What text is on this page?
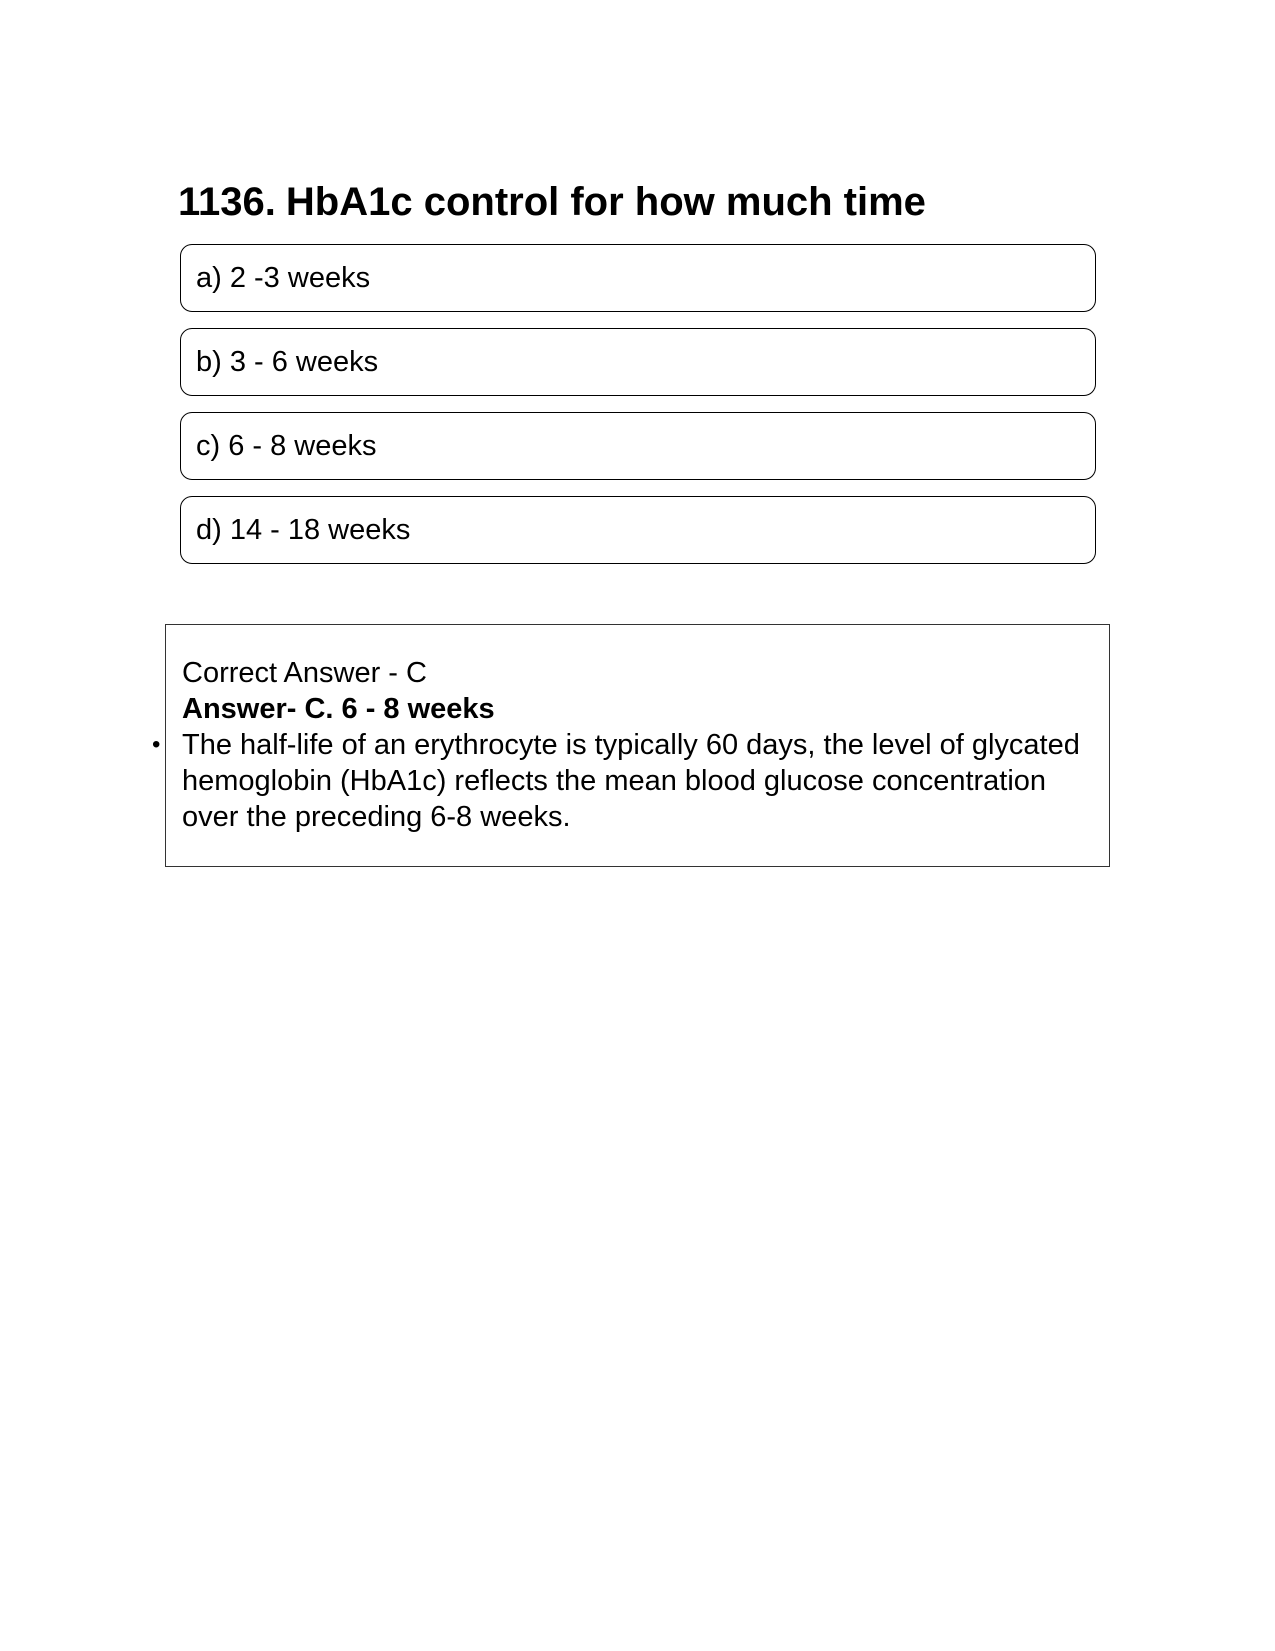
1136. HbA1c control for how much time
a) 2 -3 weeks
b) 3 - 6 weeks
c) 6 - 8 weeks
d) 14 - 18 weeks
Correct Answer - C
Answer- C. 6 - 8 weeks
• The half-life of an erythrocyte is typically 60 days, the level of glycated hemoglobin (HbA1c) reflects the mean blood glucose concentration over the preceding 6-8 weeks.
